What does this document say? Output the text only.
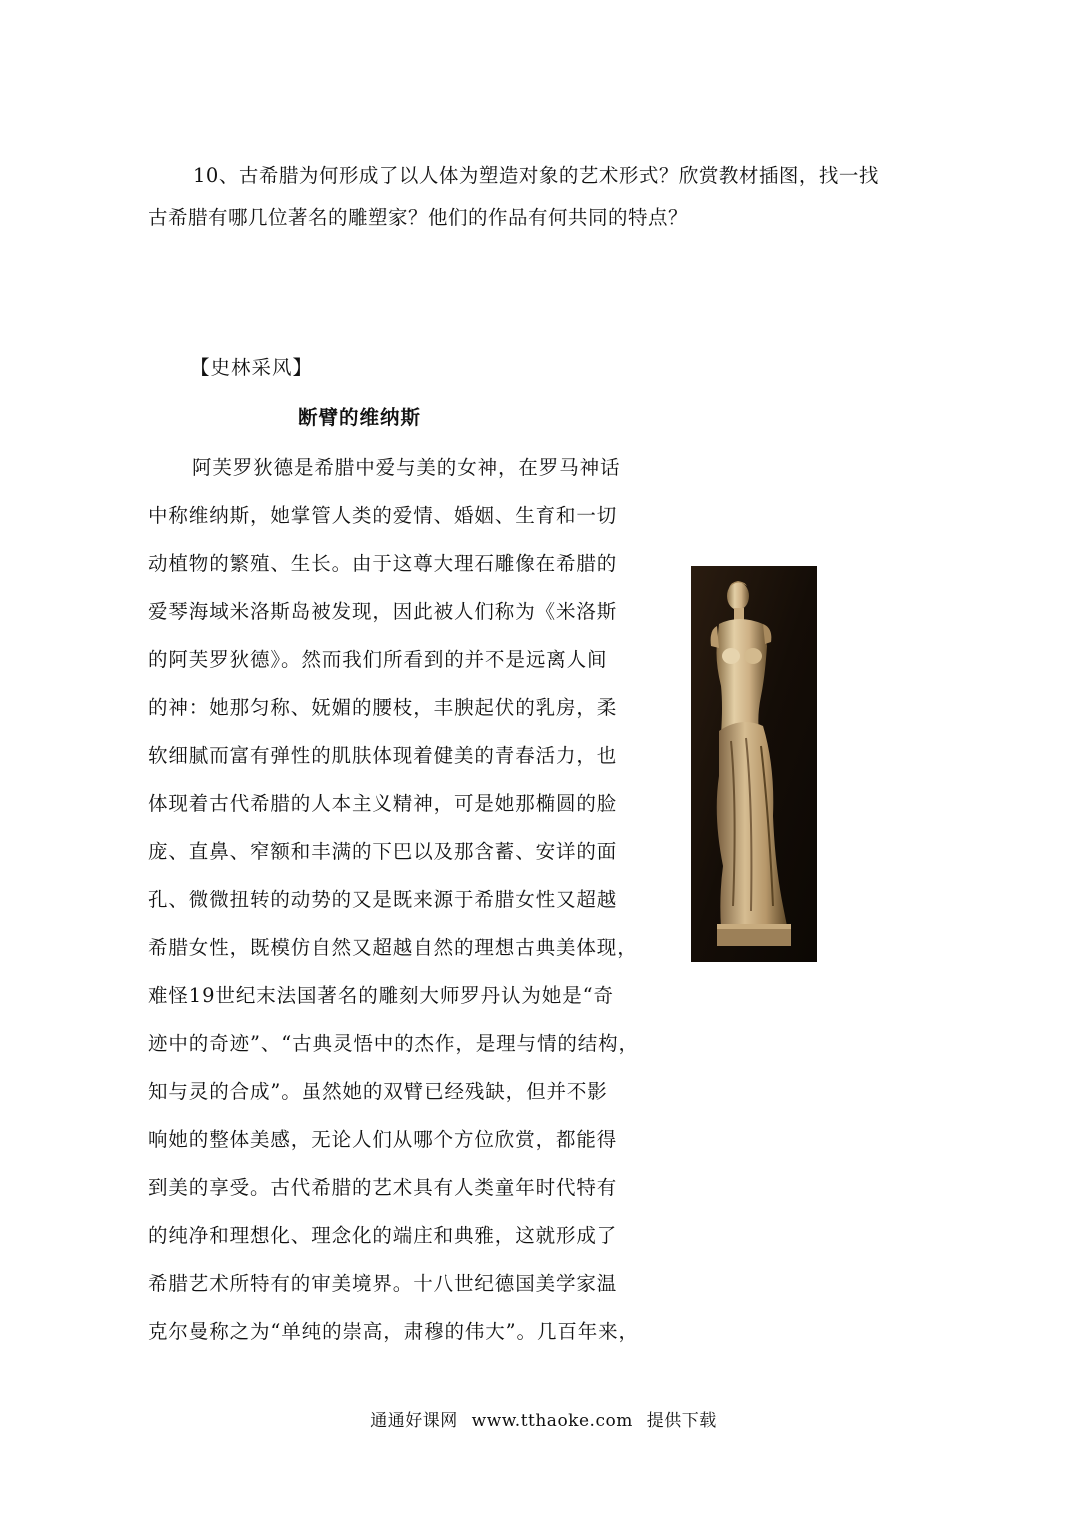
10、古希腊为何形成了以人体为塑造对象的艺术形式？欣赏教材插图，找一找
古希腊有哪几位著名的雕塑家？他们的作品有何共同的特点？
【史林采风】
断臂的维纳斯
阿芙罗狄德是希腊中爱与美的女神，在罗马神话
中称维纳斯，她掌管人类的爱情、婚姻、生育和一切
动植物的繁殖、生长。由于这尊大理石雕像在希腊的
爱琴海域米洛斯岛被发现，因此被人们称为《米洛斯
的阿芙罗狄德》。然而我们所看到的并不是远离人间
的神：她那匀称、妩媚的腰枝，丰腴起伏的乳房，柔
软细腻而富有弹性的肌肤体现着健美的青春活力，也
体现着古代希腊的人本主义精神，可是她那椭圆的脸
庞、直鼻、窄额和丰满的下巴以及那含蓄、安详的面
孔、微微扭转的动势的又是既来源于希腊女性又超越
希腊女性，既模仿自然又超越自然的理想古典美体现，
难怪19世纪末法国著名的雕刻大师罗丹认为她是“奇
迹中的奇迹”、“古典灵悟中的杰作，是理与情的结构，
知与灵的合成”。虽然她的双臂已经残缺，但并不影
响她的整体美感，无论人们从哪个方位欣赏，都能得
到美的享受。古代希腊的艺术具有人类童年时代特有
的纯净和理想化、理念化的端庄和典雅，这就形成了
希腊艺术所特有的审美境界。十八世纪德国美学家温
克尔曼称之为“单纯的崇高，肃穆的伟大”。几百年来，
通通好课网 www.tthaoke.com 提供下载
